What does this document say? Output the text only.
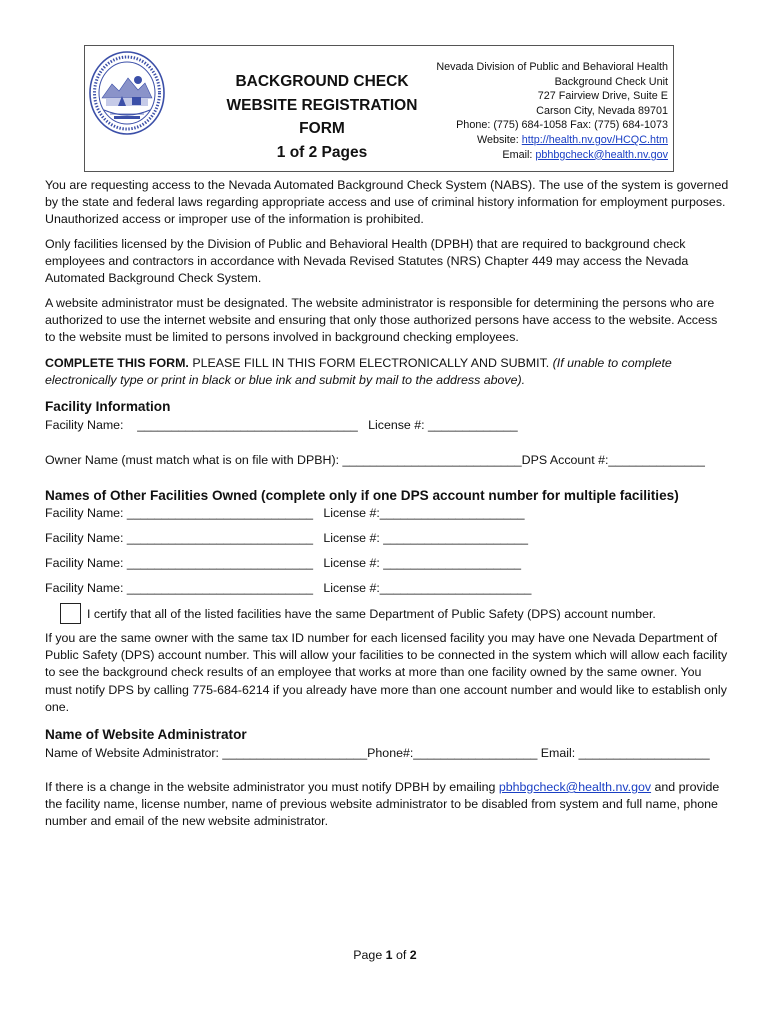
BACKGROUND CHECK
WEBSITE REGISTRATION
FORM
1 of 2 Pages
Nevada Division of Public and Behavioral Health
Background Check Unit
727 Fairview Drive, Suite E
Carson City, Nevada 89701
Phone: (775) 684-1058 Fax: (775) 684-1073
Website: http://health.nv.gov/HCQC.htm
Email: pbhbgcheck@health.nv.gov

You are requesting access to the Nevada Automated Background Check System (NABS). The use of the system is governed by the state and federal laws regarding appropriate access and use of criminal history information for employment purposes. Unauthorized access or improper use of the information is prohibited.

Only facilities licensed by the Division of Public and Behavioral Health (DPBH) that are required to background check employees and contractors in accordance with Nevada Revised Statutes (NRS) Chapter 449 may access the Nevada Automated Background Check System.

A website administrator must be designated. The website administrator is responsible for determining the persons who are authorized to use the internet website and ensuring that only those authorized persons have access to the website. Access to the website must be limited to persons involved in background checking employees.

COMPLETE THIS FORM. PLEASE FILL IN THIS FORM ELECTRONICALLY AND SUBMIT. (If unable to complete electronically type or print in black or blue ink and submit by mail to the address above).

Facility Information
Facility Name:    ________________________________   License #: _____________
Owner Name (must match what is on file with DPBH): __________________________DPS Account #:______________
Names of Other Facilities Owned (complete only if one DPS account number for multiple facilities)
Facility Name: ___________________________   License #:_____________________
Facility Name: ___________________________   License #: _____________________
Facility Name: ___________________________   License #: ____________________
Facility Name: ___________________________   License #:______________________
I certify that all of the listed facilities have the same Department of Public Safety (DPS) account number.

If you are the same owner with the same tax ID number for each licensed facility you may have one Nevada Department of Public Safety (DPS) account number. This will allow your facilities to be connected in the system which will allow each facility to see the background check results of an employee that works at more than one facility owned by the same owner. You must notify DPS by calling 775-684-6214 if you already have more than one account number and would like to establish only one.

Name of Website Administrator
Name of Website Administrator: _____________________Phone#:__________________ Email: ___________________

If there is a change in the website administrator you must notify DPBH by emailing pbhbgcheck@health.nv.gov and provide the facility name, license number, name of previous website administrator to be disabled from system and full name, phone number and email of the new website administrator.

Page 1 of 2
